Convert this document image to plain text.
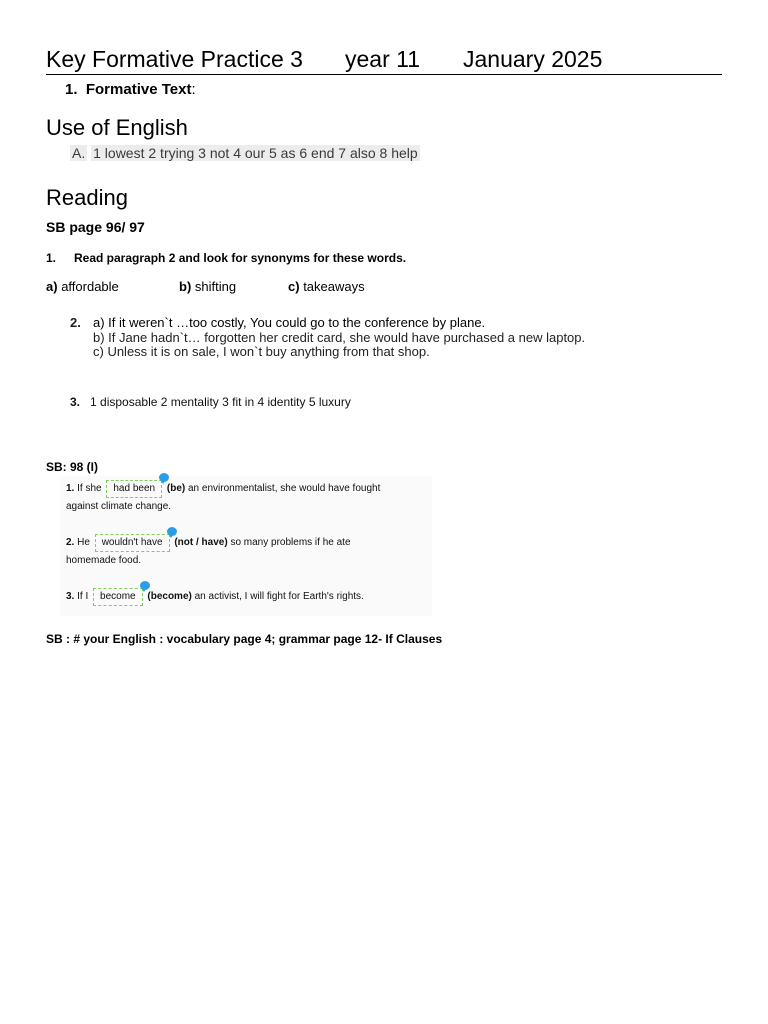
Key Formative Practice 3 year 11 January 2025
1. Formative Text:
Use of English
A. 1 lowest 2 trying 3 not 4 our 5 as 6 end 7 also 8 help
Reading
SB page 96/ 97
1. Read paragraph 2 and look for synonyms for these words.
a) affordable	b) shifting	c) takeaways
2. a) If it weren`t …too costly, You could go to the conference by plane.
b) If Jane hadn`t… forgotten her credit card, she would have purchased a new laptop.
c) Unless it is on sale, I won`t buy anything from that shop.
3. 1 disposable 2 mentality 3 fit in 4 identity 5 luxury
SB: 98 (I)
1. If she had been (be) an environmentalist, she would have fought
against climate change.
2. He wouldn't have (not / have) so many problems if he ate
homemade food.
3. If I become (become) an activist, I will fight for Earth's rights.
SB : # your English : vocabulary page 4; grammar page 12- If Clauses
